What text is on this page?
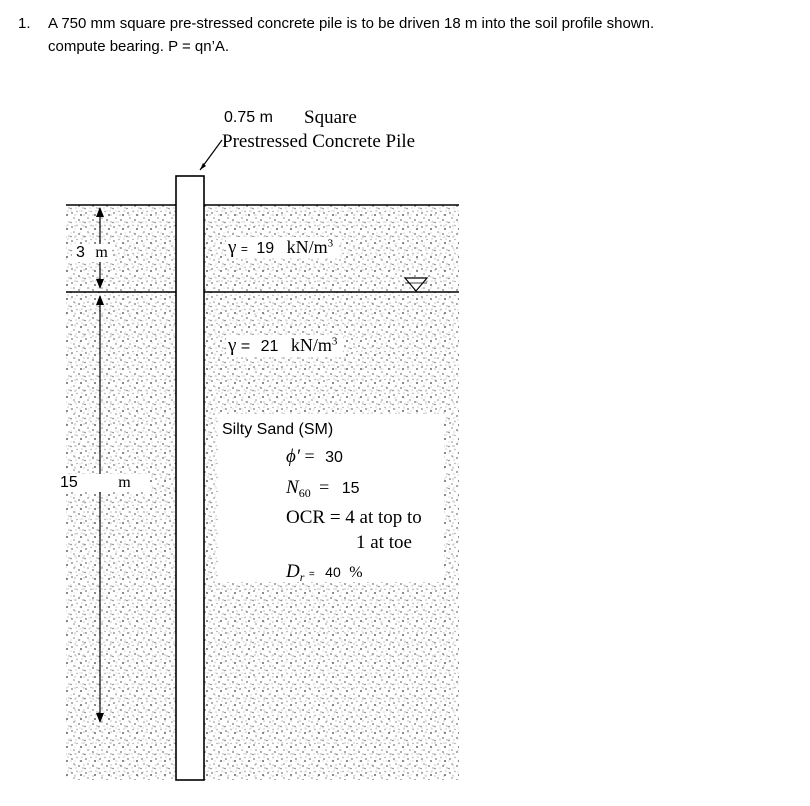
1. A 750 mm square pre-stressed concrete pile is to be driven 18 m into the soil profile shown.
compute bearing. P = qn’A.
0.75 m Square
Prestressed Concrete Pile
3 m	γ = 19 $kN/m^3$
γ = 21 $kN/m^3$
15	m
Silty Sand (SM)
ϕ′ = 30
$N_{60} = 15$
OCR = 4 at top to
1 at toe
$D_r = 40$ %
